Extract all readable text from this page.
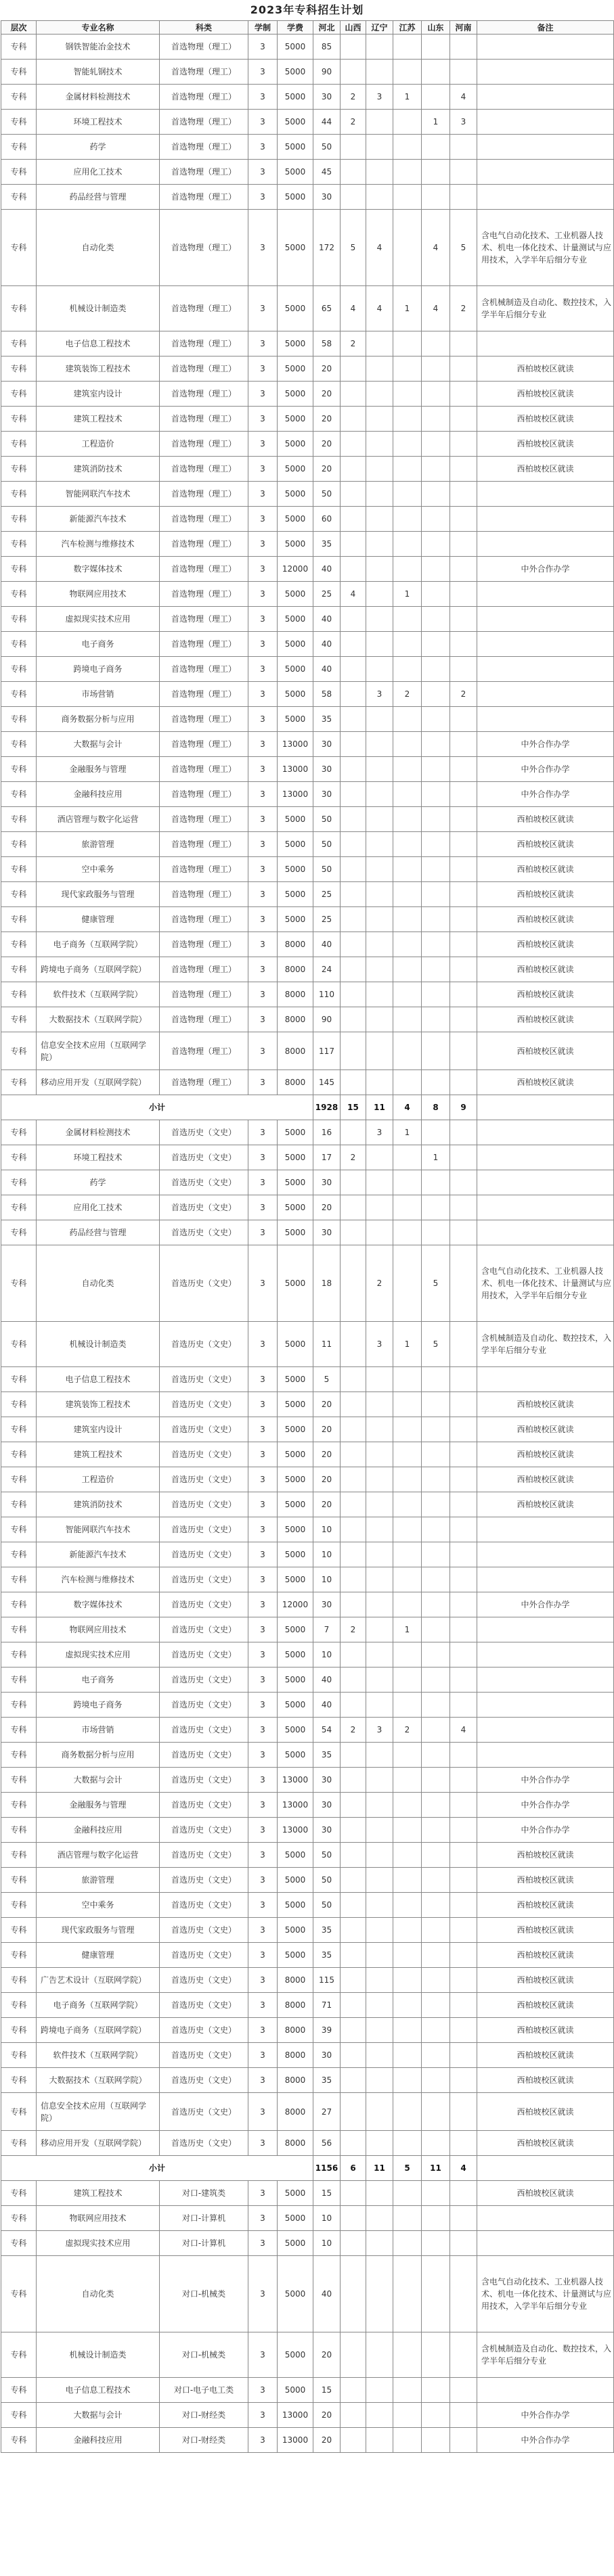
2023年专科招生计划
层次	专业名称	科类	学制	学费	河北	山西	辽宁	江苏	山东	河南	备注
专科	钢铁智能冶金技术	首选物理（理工）	3	5000	85						
专科	智能轧钢技术	首选物理（理工）	3	5000	90						
专科	金属材料检测技术	首选物理（理工）	3	5000	30	2	3	1		4	
专科	环境工程技术	首选物理（理工）	3	5000	44	2			1	3	
专科	药学	首选物理（理工）	3	5000	50						
专科	应用化工技术	首选物理（理工）	3	5000	45						
专科	药品经营与管理	首选物理（理工）	3	5000	30						
专科	自动化类	首选物理（理工）	3	5000	172	5	4		4	5	含电气自动化技术、工业机器人技术、机电一体化技术、计量测试与应用技术，入学半年后细分专业
专科	机械设计制造类	首选物理（理工）	3	5000	65	4	4	1	4	2	含机械制造及自动化、数控技术，入学半年后细分专业
专科	电子信息工程技术	首选物理（理工）	3	5000	58	2					
专科	建筑装饰工程技术	首选物理（理工）	3	5000	20						西柏坡校区就读
专科	建筑室内设计	首选物理（理工）	3	5000	20						西柏坡校区就读
专科	建筑工程技术	首选物理（理工）	3	5000	20						西柏坡校区就读
专科	工程造价	首选物理（理工）	3	5000	20						西柏坡校区就读
专科	建筑消防技术	首选物理（理工）	3	5000	20						西柏坡校区就读
专科	智能网联汽车技术	首选物理（理工）	3	5000	50						
专科	新能源汽车技术	首选物理（理工）	3	5000	60						
专科	汽车检测与维修技术	首选物理（理工）	3	5000	35						
专科	数字媒体技术	首选物理（理工）	3	12000	40						中外合作办学
专科	物联网应用技术	首选物理（理工）	3	5000	25	4		1			
专科	虚拟现实技术应用	首选物理（理工）	3	5000	40						
专科	电子商务	首选物理（理工）	3	5000	40						
专科	跨境电子商务	首选物理（理工）	3	5000	40						
专科	市场营销	首选物理（理工）	3	5000	58		3	2		2	
专科	商务数据分析与应用	首选物理（理工）	3	5000	35						
专科	大数据与会计	首选物理（理工）	3	13000	30						中外合作办学
专科	金融服务与管理	首选物理（理工）	3	13000	30						中外合作办学
专科	金融科技应用	首选物理（理工）	3	13000	30						中外合作办学
专科	酒店管理与数字化运营	首选物理（理工）	3	5000	50						西柏坡校区就读
专科	旅游管理	首选物理（理工）	3	5000	50						西柏坡校区就读
专科	空中乘务	首选物理（理工）	3	5000	50						西柏坡校区就读
专科	现代家政服务与管理	首选物理（理工）	3	5000	25						西柏坡校区就读
专科	健康管理	首选物理（理工）	3	5000	25						西柏坡校区就读
专科	电子商务（互联网学院）	首选物理（理工）	3	8000	40						西柏坡校区就读
专科	跨境电子商务（互联网学院）	首选物理（理工）	3	8000	24						西柏坡校区就读
专科	软件技术（互联网学院）	首选物理（理工）	3	8000	110						西柏坡校区就读
专科	大数据技术（互联网学院）	首选物理（理工）	3	8000	90						西柏坡校区就读
专科	信息安全技术应用（互联网学院）	首选物理（理工）	3	8000	117						西柏坡校区就读
专科	移动应用开发（互联网学院）	首选物理（理工）	3	8000	145						西柏坡校区就读
小计					1928	15	11	4	8	9	
专科	金属材料检测技术	首选历史（文史）	3	5000	16		3	1			
专科	环境工程技术	首选历史（文史）	3	5000	17	2			1		
专科	药学	首选历史（文史）	3	5000	30						
专科	应用化工技术	首选历史（文史）	3	5000	20						
专科	药品经营与管理	首选历史（文史）	3	5000	30						
专科	自动化类	首选历史（文史）	3	5000	18		2		5		含电气自动化技术、工业机器人技术、机电一体化技术、计量测试与应用技术，入学半年后细分专业
专科	机械设计制造类	首选历史（文史）	3	5000	11		3	1	5		含机械制造及自动化、数控技术，入学半年后细分专业
专科	电子信息工程技术	首选历史（文史）	3	5000	5						
专科	建筑装饰工程技术	首选历史（文史）	3	5000	20						西柏坡校区就读
专科	建筑室内设计	首选历史（文史）	3	5000	20						西柏坡校区就读
专科	建筑工程技术	首选历史（文史）	3	5000	20						西柏坡校区就读
专科	工程造价	首选历史（文史）	3	5000	20						西柏坡校区就读
专科	建筑消防技术	首选历史（文史）	3	5000	20						西柏坡校区就读
专科	智能网联汽车技术	首选历史（文史）	3	5000	10						
专科	新能源汽车技术	首选历史（文史）	3	5000	10						
专科	汽车检测与维修技术	首选历史（文史）	3	5000	10						
专科	数字媒体技术	首选历史（文史）	3	12000	30						中外合作办学
专科	物联网应用技术	首选历史（文史）	3	5000	7	2		1			
专科	虚拟现实技术应用	首选历史（文史）	3	5000	10						
专科	电子商务	首选历史（文史）	3	5000	40						
专科	跨境电子商务	首选历史（文史）	3	5000	40						
专科	市场营销	首选历史（文史）	3	5000	54	2	3	2		4	
专科	商务数据分析与应用	首选历史（文史）	3	5000	35						
专科	大数据与会计	首选历史（文史）	3	13000	30						中外合作办学
专科	金融服务与管理	首选历史（文史）	3	13000	30						中外合作办学
专科	金融科技应用	首选历史（文史）	3	13000	30						中外合作办学
专科	酒店管理与数字化运营	首选历史（文史）	3	5000	50						西柏坡校区就读
专科	旅游管理	首选历史（文史）	3	5000	50						西柏坡校区就读
专科	空中乘务	首选历史（文史）	3	5000	50						西柏坡校区就读
专科	现代家政服务与管理	首选历史（文史）	3	5000	35						西柏坡校区就读
专科	健康管理	首选历史（文史）	3	5000	35						西柏坡校区就读
专科	广告艺术设计（互联网学院）	首选历史（文史）	3	8000	115						西柏坡校区就读
专科	电子商务（互联网学院）	首选历史（文史）	3	8000	71						西柏坡校区就读
专科	跨境电子商务（互联网学院）	首选历史（文史）	3	8000	39						西柏坡校区就读
专科	软件技术（互联网学院）	首选历史（文史）	3	8000	30						西柏坡校区就读
专科	大数据技术（互联网学院）	首选历史（文史）	3	8000	35						西柏坡校区就读
专科	信息安全技术应用（互联网学院）	首选历史（文史）	3	8000	27						西柏坡校区就读
专科	移动应用开发（互联网学院）	首选历史（文史）	3	8000	56						西柏坡校区就读
小计					1156	6	11	5	11	4	
专科	建筑工程技术	对口-建筑类	3	5000	15						西柏坡校区就读
专科	物联网应用技术	对口-计算机	3	5000	10						
专科	虚拟现实技术应用	对口-计算机	3	5000	10						
专科	自动化类	对口-机械类	3	5000	40						含电气自动化技术、工业机器人技术、机电一体化技术、计量测试与应用技术，入学半年后细分专业
专科	机械设计制造类	对口-机械类	3	5000	20						含机械制造及自动化、数控技术，入学半年后细分专业
专科	电子信息工程技术	对口-电子电工类	3	5000	15						
专科	大数据与会计	对口-财经类	3	13000	20						中外合作办学
专科	金融科技应用	对口-财经类	3	13000	20						中外合作办学
